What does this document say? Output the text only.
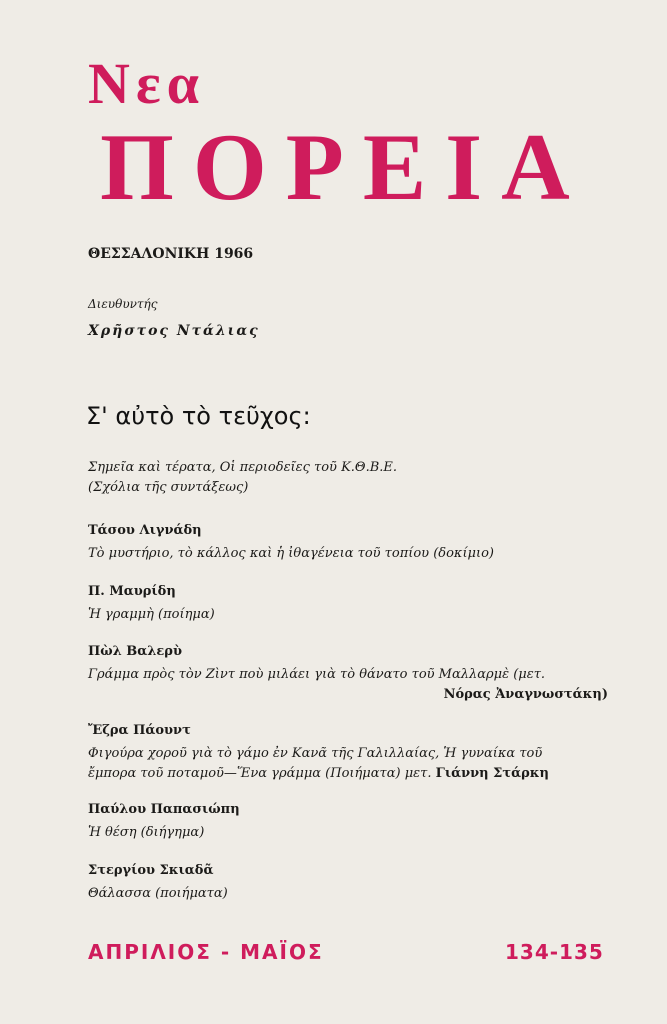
Νεα
ΠΟΡΕΙΑ
ΘΕΣΣΑΛΟΝΙΚΗ 1966
Διευθυντής
Χρῆστος Ντάλιας
Σ' αὐτὸ τὸ τεῦχος:
Σημεῖα καὶ τέρατα, Οἱ περιοδεῖες τοῦ Κ.Θ.Β.Ε.
(Σχόλια τῆς συντάξεως)
Τάσου Λιγνάδη
Τὸ μυστήριο, τὸ κάλλος καὶ ἡ ἰθαγένεια τοῦ τοπίου (δοκίμιο)
Π. Μαυρίδη
Ἡ γραμμὴ (ποίημα)
Πὼλ Βαλερὺ
Γράμμα πρὸς τὸν Ζὶντ ποὺ μιλάει γιὰ τὸ θάνατο τοῦ Μαλλαρμὲ (μετ.
Νόρας Ἀναγνωστάκη)
Ἔζρα Πάουντ
Φιγούρα χοροῦ γιὰ τὸ γάμο ἐν Κανᾶ τῆς Γαλιλλαίας, Ἡ γυναίκα τοῦ
ἔμπορα τοῦ ποταμοῦ—Ἕνα γράμμα (Ποιήματα) μετ. Γιάννη Στάρκη
Παύλου Παπασιώπη
Ἡ θέση (διήγημα)
Στεργίου Σκιαδᾶ
Θάλασσα (ποιήματα)
ΑΠΡΙΛΙΟΣ - ΜΑΪΟΣ	134-135
